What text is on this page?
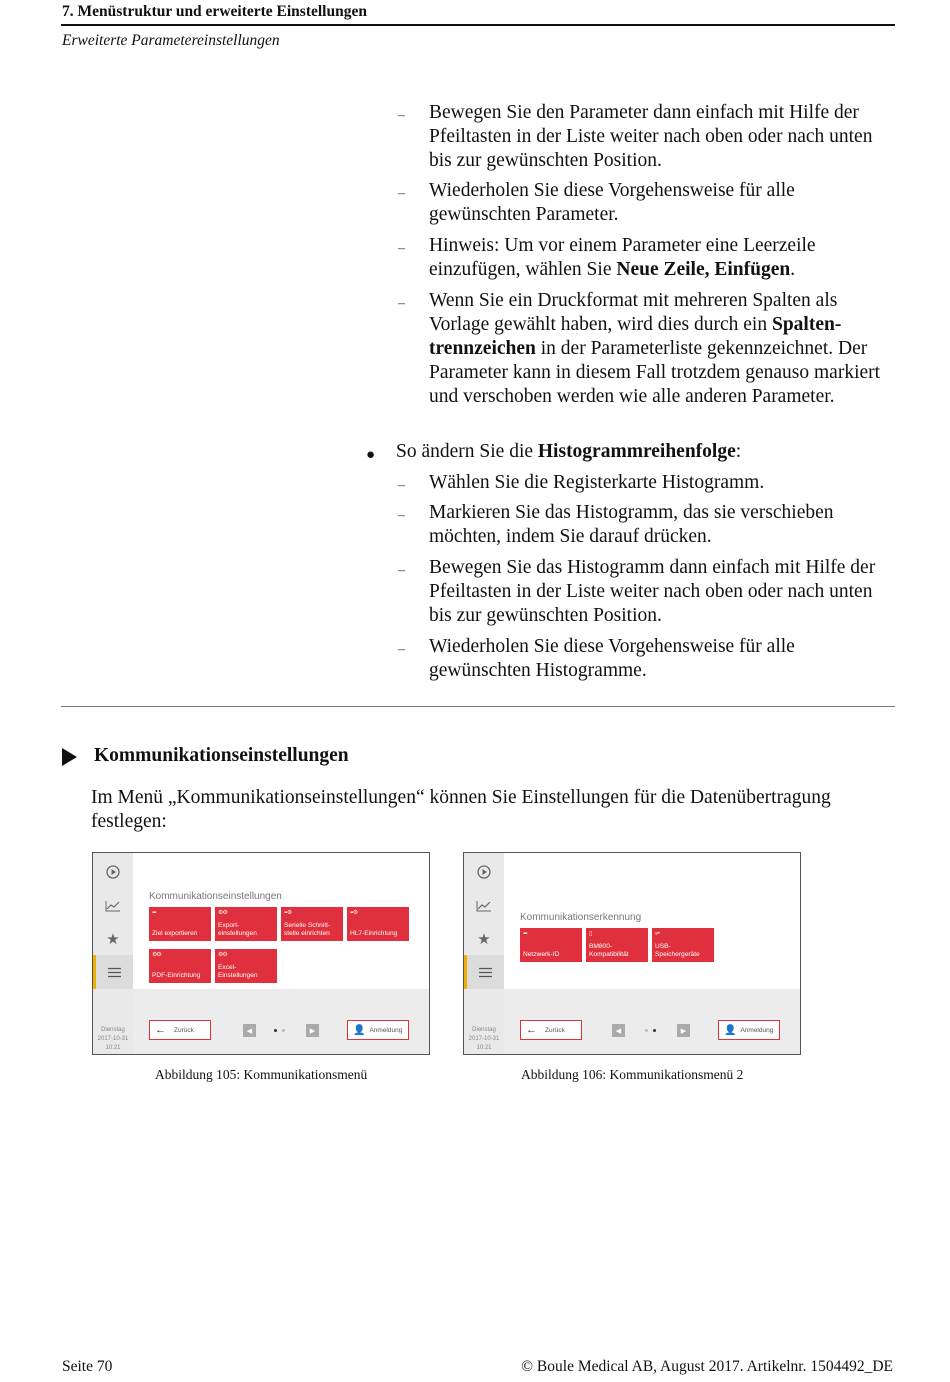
7. Menüstruktur und erweiterte Einstellungen
Erweiterte Parametereinstellungen
– Bewegen Sie den Parameter dann einfach mit Hilfe der Pfeiltasten in der Liste weiter nach oben oder nach unten bis zur gewünschten Position.
– Wiederholen Sie diese Vorgehensweise für alle gewünschten Parameter.
– Hinweis: Um vor einem Parameter eine Leerzeile einzufügen, wählen Sie Neue Zeile, Einfügen.
– Wenn Sie ein Druckformat mit mehreren Spalten als Vorlage gewählt haben, wird dies durch ein Spalten-trennzeichen in der Parameterliste gekennzeichnet. Der Parameter kann in diesem Fall trotzdem genauso markiert und verschoben werden wie alle anderen Parameter.
● So ändern Sie die Histogrammreihenfolge:
– Wählen Sie die Registerkarte Histogramm.
– Markieren Sie das Histogramm, das sie verschieben möchten, indem Sie darauf drücken.
– Bewegen Sie das Histogramm dann einfach mit Hilfe der Pfeiltasten in der Liste weiter nach oben oder nach unten bis zur gewünschten Position.
– Wiederholen Sie diese Vorgehensweise für alle gewünschten Histogramme.
Kommunikationseinstellungen
Im Menü „Kommunikationseinstellungen“ können Sie Einstellungen für die Datenübertragung festlegen:
★
Dienstag
2017-10-31
10:21
Kommunikationseinstellungen
▪▪▪
Ziel exportieren
⚙⚙
Export-einstellungen
▪▪ ⚙
Serielle Schnitt-stelle einrichten
▪▪ ⚙
HL7-Einrichtung
⚙⚙
PDF-Einrichtung
⚙⚙
Excel-Einstellungen
← Zurück	◀	▶	👤 Anmeldung
★
Dienstag
2017-10-31
10:21
Kommunikationserkennung
▪▪▪
Netzwerk-ID
▯
BM800-Kompatibilität
⇌
USB-Speichergeräte
← Zurück	◀	▶	👤 Anmeldung
Abbildung 105: Kommunikationsmenü	Abbildung 106: Kommunikationsmenü 2
Seite 70	© Boule Medical AB, August 2017. Artikelnr. 1504492_DE
